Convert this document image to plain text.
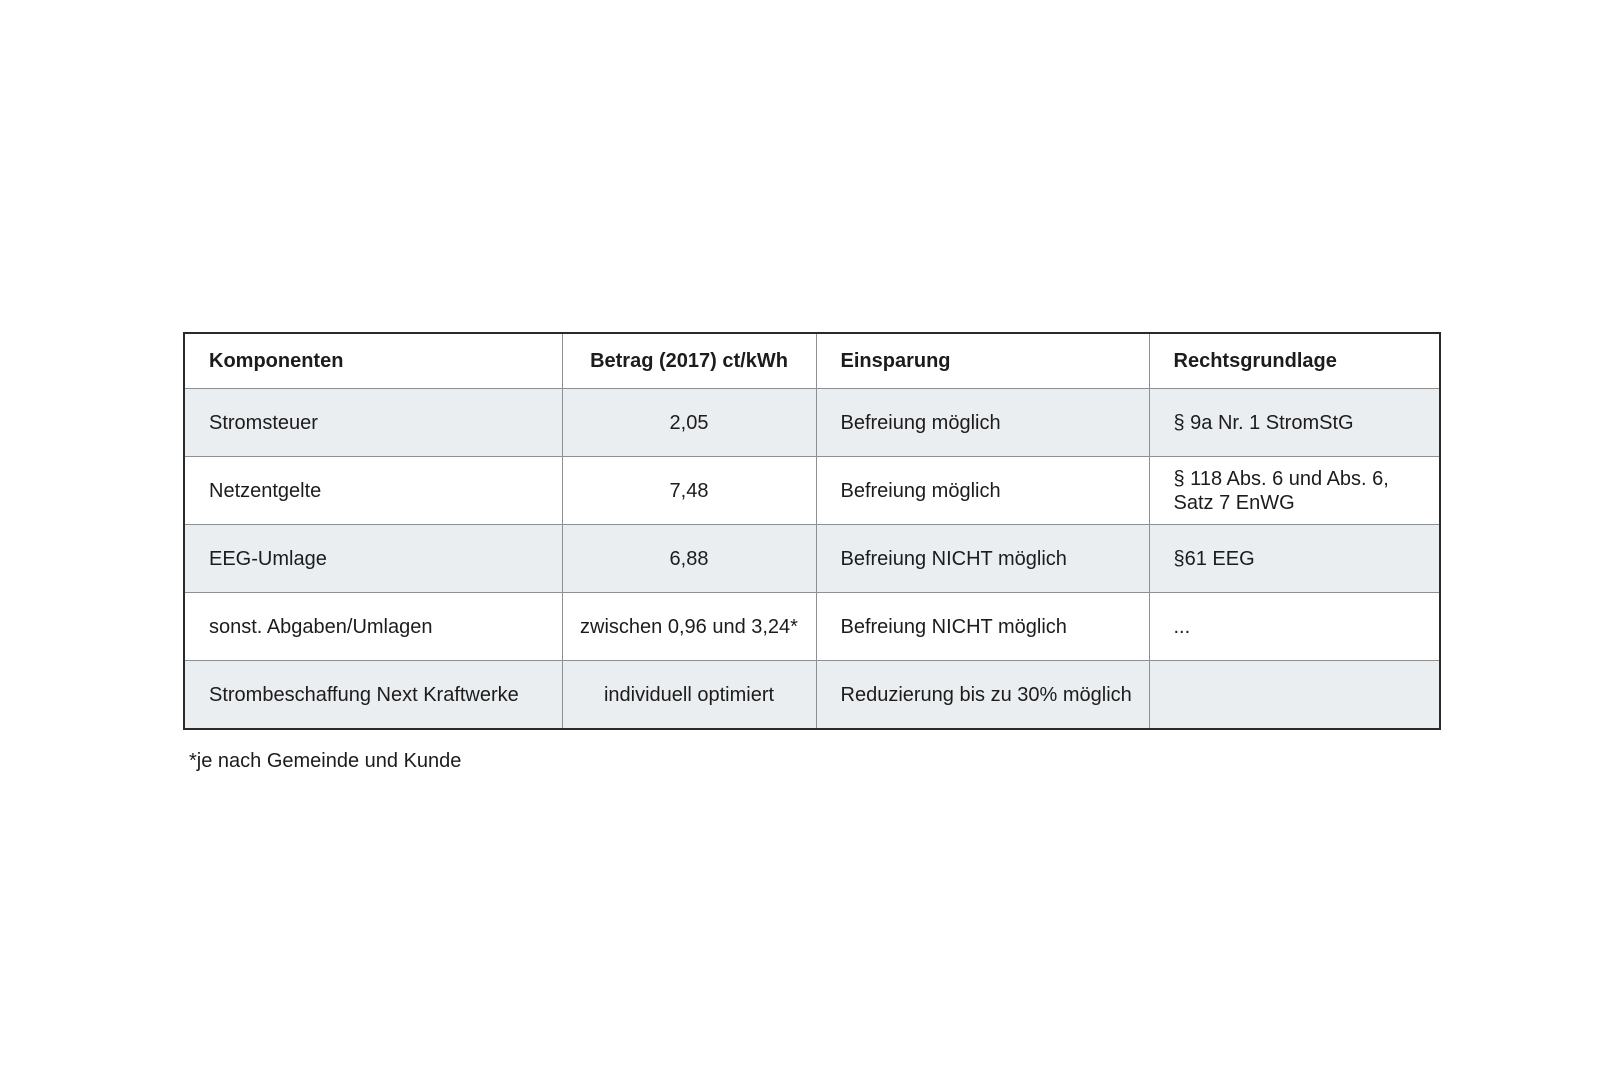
Komponenten	Betrag (2017) ct/kWh	Einsparung	Rechtsgrundlage
Stromsteuer	2,05	Befreiung möglich	§ 9a Nr. 1 StromStG
Netzentgelte	7,48	Befreiung möglich	§ 118 Abs. 6 und Abs. 6, Satz 7 EnWG
EEG-Umlage	6,88	Befreiung NICHT möglich	§61 EEG
sonst. Abgaben/Umlagen	zwischen 0,96 und 3,24*	Befreiung NICHT möglich	...
Strombeschaffung Next Kraftwerke	individuell optimiert	Reduzierung bis zu 30% möglich	
*je nach Gemeinde und Kunde
